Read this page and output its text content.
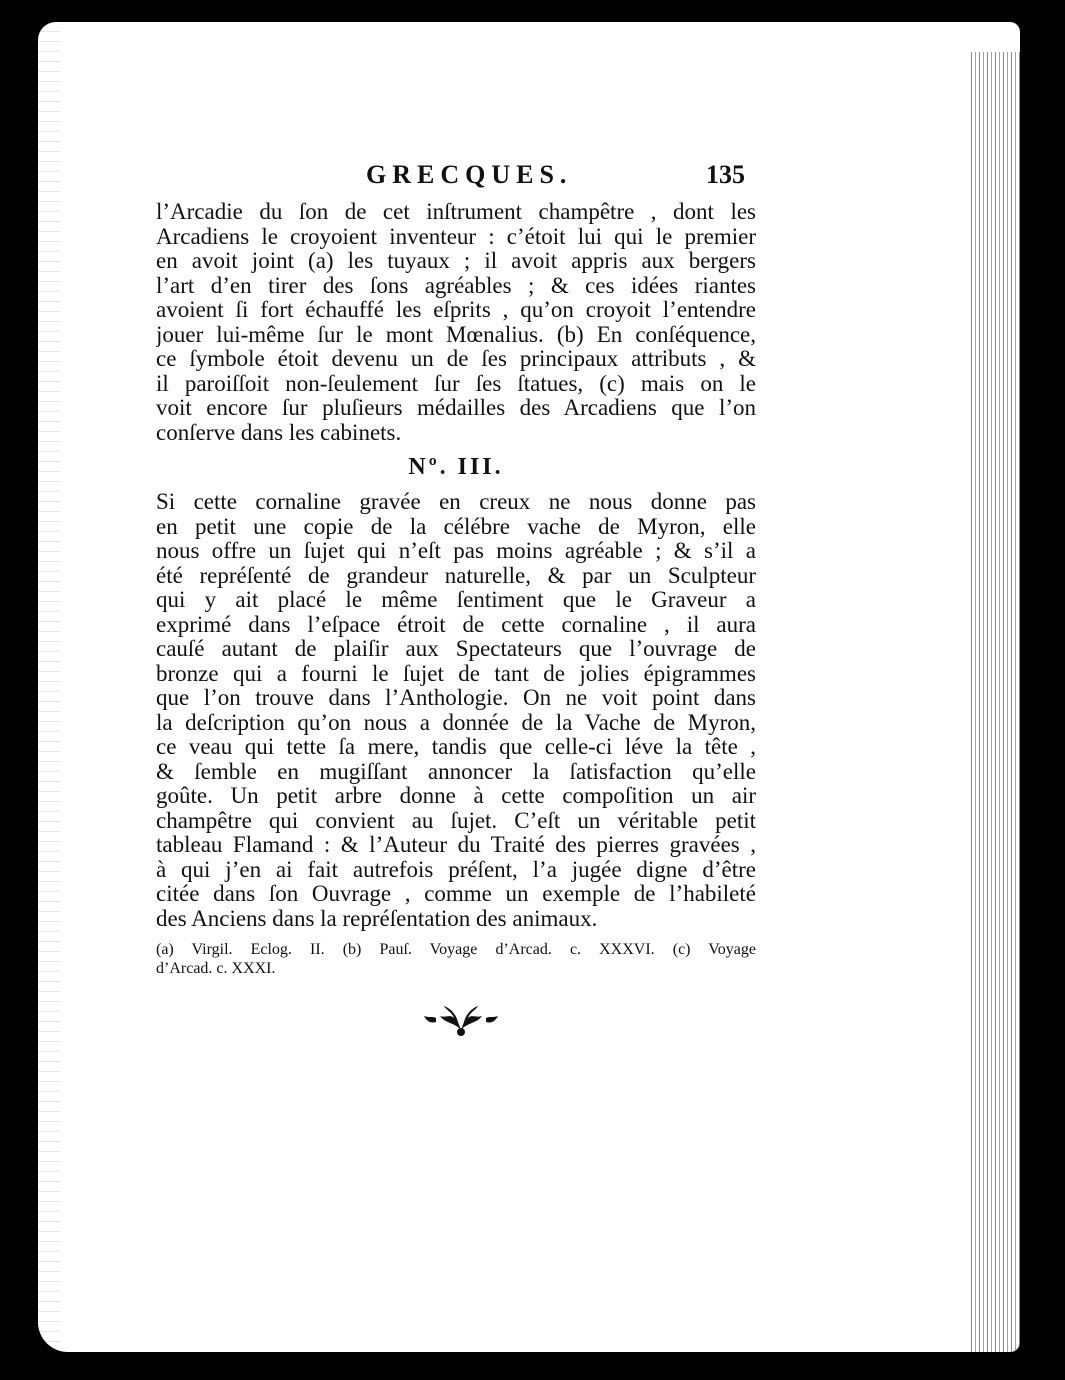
GRECQUES.	135
l’Arcadie du ſon de cet inſtrument champêtre , dont les
Arcadiens le croyoient inventeur : c’étoit lui qui le premier
en avoit joint (a) les tuyaux ; il avoit appris aux bergers
l’art d’en tirer des ſons agréables ; & ces idées riantes
avoient ſi fort échauffé les eſprits , qu’on croyoit l’entendre
jouer lui-même ſur le mont Mœnalius. (b) En conſéquence,
ce ſymbole étoit devenu un de ſes principaux attributs , &
il paroiſſoit non-ſeulement ſur ſes ſtatues, (c) mais on le
voit encore ſur pluſieurs médailles des Arcadiens que l’on
conſerve dans les cabinets.
Nº. III.
Si cette cornaline gravée en creux ne nous donne pas
en petit une copie de la célébre vache de Myron, elle
nous offre un ſujet qui n’eſt pas moins agréable ; & s’il a
été repréſenté de grandeur naturelle, & par un Sculpteur
qui y ait placé le même ſentiment que le Graveur a
exprimé dans l’eſpace étroit de cette cornaline , il aura
cauſé autant de plaiſir aux Spectateurs que l’ouvrage de
bronze qui a fourni le ſujet de tant de jolies épigrammes
que l’on trouve dans l’Anthologie. On ne voit point dans
la deſcription qu’on nous a donnée de la Vache de Myron,
ce veau qui tette ſa mere, tandis que celle-ci léve la tête ,
& ſemble en mugiſſant annoncer la ſatisfaction qu’elle
goûte. Un petit arbre donne à cette compoſition un air
champêtre qui convient au ſujet. C’eſt un véritable petit
tableau Flamand : & l’Auteur du Traité des pierres gravées ,
à qui j’en ai fait autrefois préſent, l’a jugée digne d’être
citée dans ſon Ouvrage , comme un exemple de l’habileté
des Anciens dans la repréſentation des animaux.
(a) Virgil. Eclog. II. (b) Pauſ. Voyage d’Arcad. c. XXXVI. (c) Voyage
d’Arcad. c. XXXI.
